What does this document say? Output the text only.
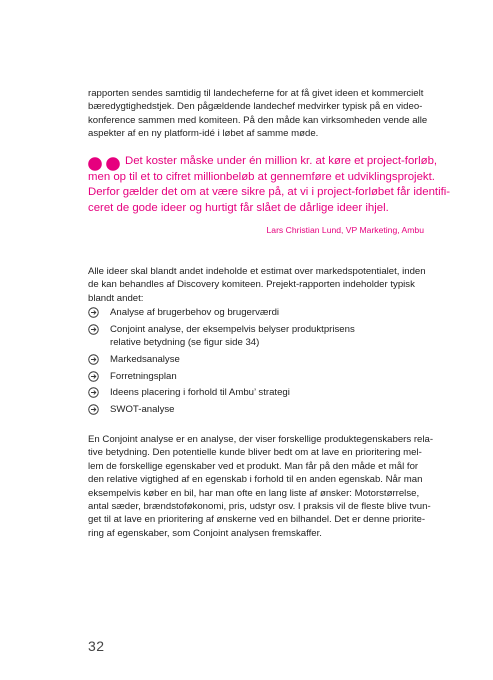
rapporten sendes samtidig til landecheferne for at få givet ideen et kommercielt
bæredygtighedstjek. Den pågældende landechef medvirker typisk på en video-
konference sammen med komiteen. På den måde kan virksomheden vende alle
aspekter af en ny platform-idé i løbet af samme møde.

Det koster måske under én million kr. at køre et project-forløb,
men op til et to cifret millionbeløb at gennemføre et udviklingsprojekt.
Derfor gælder det om at være sikre på, at vi i project-forløbet får identifi-
ceret de gode ideer og hurtigt får slået de dårlige ideer ihjel.

Lars Christian Lund, VP Marketing, Ambu

Alle ideer skal blandt andet indeholde et estimat over markedspotentialet, inden
de kan behandles af Discovery komiteen. Prejekt-rapporten indeholder typisk
blandt andet:

Analyse af brugerbehov og brugerværdi
Conjoint analyse, der eksempelvis belyser produktprisens
relative betydning (se figur side 34)
Markedsanalyse
Forretningsplan
Ideens placering i forhold til Ambu’ strategi
SWOT-analyse

En Conjoint analyse er en analyse, der viser forskellige produktegenskabers rela-
tive betydning. Den potentielle kunde bliver bedt om at lave en prioritering mel-
lem de forskellige egenskaber ved et produkt. Man får på den måde et mål for
den relative vigtighed af en egenskab i forhold til en anden egenskab. Når man
eksempelvis køber en bil, har man ofte en lang liste af ønsker: Motorstørrelse,
antal sæder, brændstoføkonomi, pris, udstyr osv. I praksis vil de fleste blive tvun-
get til at lave en prioritering af ønskerne ved en bilhandel. Det er denne priorite-
ring af egenskaber, som Conjoint analysen fremskaffer.

32
